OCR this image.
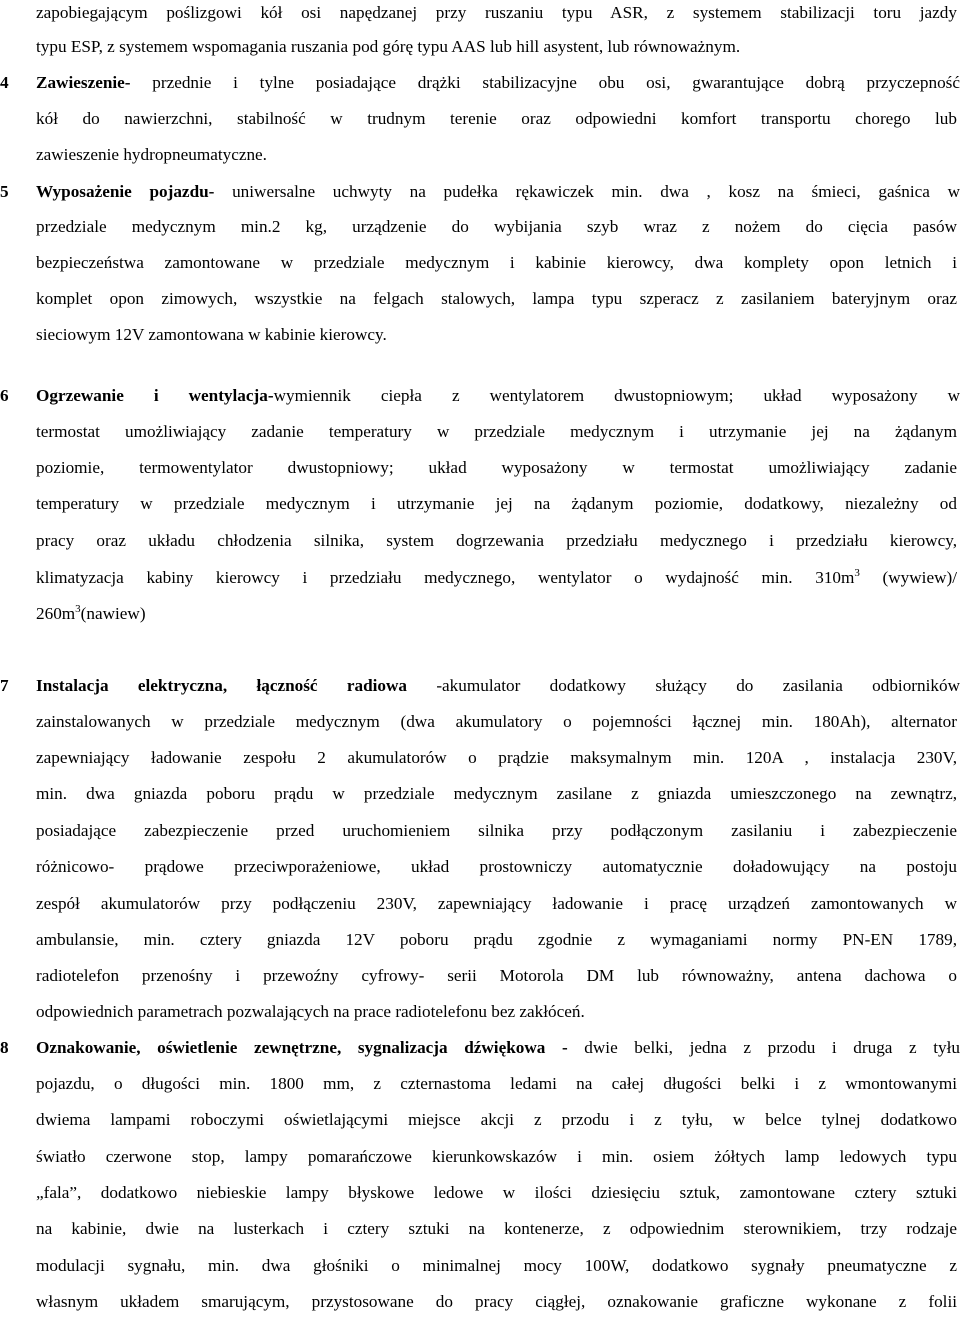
zapobiegającym poślizgowi kół osi napędzanej przy ruszaniu typu ASR, z systemem stabilizacji toru jazdy
typu ESP, z systemem wspomagania ruszania pod górę typu AAS lub hill asystent, lub równoważnym.
4 Zawieszenie- przednie i tylne posiadające drążki stabilizacyjne obu osi, gwarantujące dobrą przyczepność
kół do nawierzchni, stabilność w trudnym terenie oraz odpowiedni komfort transportu chorego lub
zawieszenie hydropneumatyczne.
5 Wyposażenie pojazdu- uniwersalne uchwyty na pudełka rękawiczek min. dwa , kosz na śmieci, gaśnica w
przedziale medycznym min.2 kg, urządzenie do wybijania szyb wraz z nożem do cięcia pasów
bezpieczeństwa zamontowane w przedziale medycznym i kabinie kierowcy, dwa komplety opon letnich i
komplet opon zimowych, wszystkie na felgach stalowych, lampa typu szperacz z zasilaniem bateryjnym oraz
sieciowym 12V zamontowana w kabinie kierowcy.
6 Ogrzewanie i wentylacja-wymiennik ciepła z wentylatorem dwustopniowym; układ wyposażony w
termostat umożliwiający zadanie temperatury w przedziale medycznym i utrzymanie jej na żądanym
poziomie, termowentylator dwustopniowy; układ wyposażony w termostat umożliwiający zadanie
temperatury w przedziale medycznym i utrzymanie jej na żądanym poziomie, dodatkowy, niezależny od
pracy oraz układu chłodzenia silnika, system dogrzewania przedziału medycznego i przedziału kierowcy,
klimatyzacja kabiny kierowcy i przedziału medycznego, wentylator o wydajność min. $310m^3$ (wywiew)/
$260m^3(nawiew)$
7 Instalacja elektryczna, łączność radiowa -akumulator dodatkowy służący do zasilania odbiorników
zainstalowanych w przedziale medycznym (dwa akumulatory o pojemności łącznej min. 180Ah), alternator
zapewniający ładowanie zespołu 2 akumulatorów o prądzie maksymalnym min. 120A , instalacja 230V,
min. dwa gniazda poboru prądu w przedziale medycznym zasilane z gniazda umieszczonego na zewnątrz,
posiadające zabezpieczenie przed uruchomieniem silnika przy podłączonym zasilaniu i zabezpieczenie
różnicowo- prądowe przeciwporażeniowe, układ prostowniczy automatycznie doładowujący na postoju
zespół akumulatorów przy podłączeniu 230V, zapewniający ładowanie i pracę urządzeń zamontowanych w
ambulansie, min. cztery gniazda 12V poboru prądu zgodnie z wymaganiami normy PN-EN 1789,
radiotelefon przenośny i przewoźny cyfrowy- serii Motorola DM lub równoważny, antena dachowa o
odpowiednich parametrach pozwalających na prace radiotelefonu bez zakłóceń.
8 Oznakowanie, oświetlenie zewnętrzne, sygnalizacja dźwiękowa - dwie belki, jedna z przodu i druga z tyłu
pojazdu, o długości min. 1800 mm, z czternastoma ledami na całej długości belki i z wmontowanymi
dwiema lampami roboczymi oświetlającymi miejsce akcji z przodu i z tyłu, w belce tylnej dodatkowo
światło czerwone stop, lampy pomarańczowe kierunkowskazów i min. osiem żółtych lamp ledowych typu
„fala”, dodatkowo niebieskie lampy błyskowe ledowe w ilości dziesięciu sztuk, zamontowane cztery sztuki
na kabinie, dwie na lusterkach i cztery sztuki na kontenerze, z odpowiednim sterownikiem, trzy rodzaje
modulacji sygnału, min. dwa głośniki o minimalnej mocy 100W, dodatkowo sygnały pneumatyczne z
własnym układem smarującym, przystosowane do pracy ciągłej, oznakowanie graficzne wykonane z folii
